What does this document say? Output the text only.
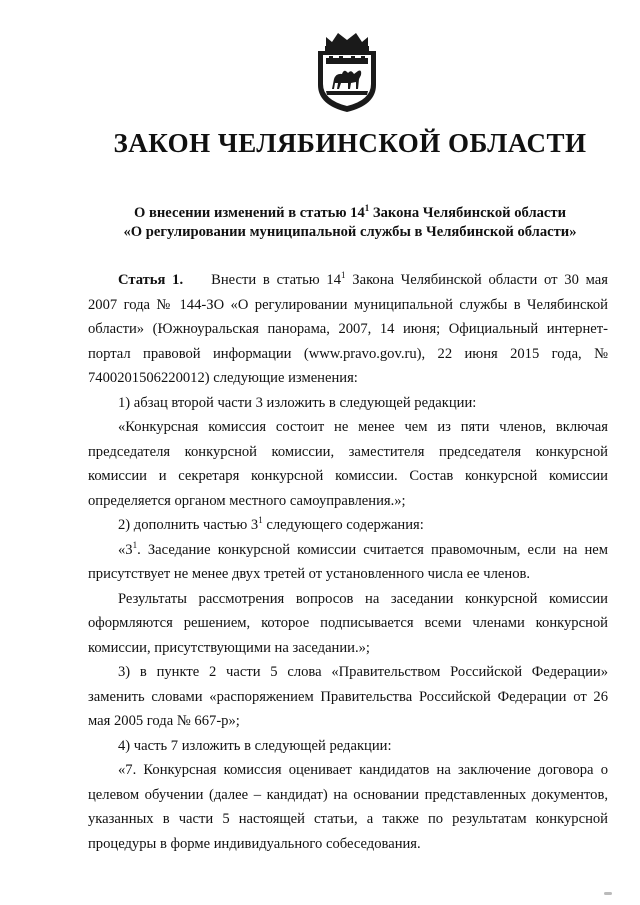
ЗАКОН ЧЕЛЯБИНСКОЙ ОБЛАСТИ
О внесении изменений в статью $14^1$ Закона Челябинской области
«О регулировании муниципальной службы в Челябинской области»

Статья 1. Внести в статью $14^1$ Закона Челябинской области от 30 мая 2007 года № 144-ЗО «О регулировании муниципальной службы в Челябинской области» (Южноуральская панорама, 2007, 14 июня; Официальный интернет-портал правовой информации (www.pravo.gov.ru), 22 июня 2015 года, № 7400201506220012) следующие изменения:

1) абзац второй части 3 изложить в следующей редакции:

«Конкурсная комиссия состоит не менее чем из пяти членов, включая председателя конкурсной комиссии, заместителя председателя конкурсной комиссии и секретаря конкурсной комиссии. Состав конкурсной комиссии определяется органом местного самоуправления.»;

2) дополнить частью $3^1$ следующего содержания:

«$3^1$. Заседание конкурсной комиссии считается правомочным, если на нем присутствует не менее двух третей от установленного числа ее членов.

Результаты рассмотрения вопросов на заседании конкурсной комиссии оформляются решением, которое подписывается всеми членами конкурсной комиссии, присутствующими на заседании.»;

3) в пункте 2 части 5 слова «Правительством Российской Федерации» заменить словами «распоряжением Правительства Российской Федерации от 26 мая 2005 года № 667-р»;

4) часть 7 изложить в следующей редакции:

«7. Конкурсная комиссия оценивает кандидатов на заключение договора о целевом обучении (далее – кандидат) на основании представленных документов, указанных в части 5 настоящей статьи, а также по результатам конкурсной процедуры в форме индивидуального собеседования.
